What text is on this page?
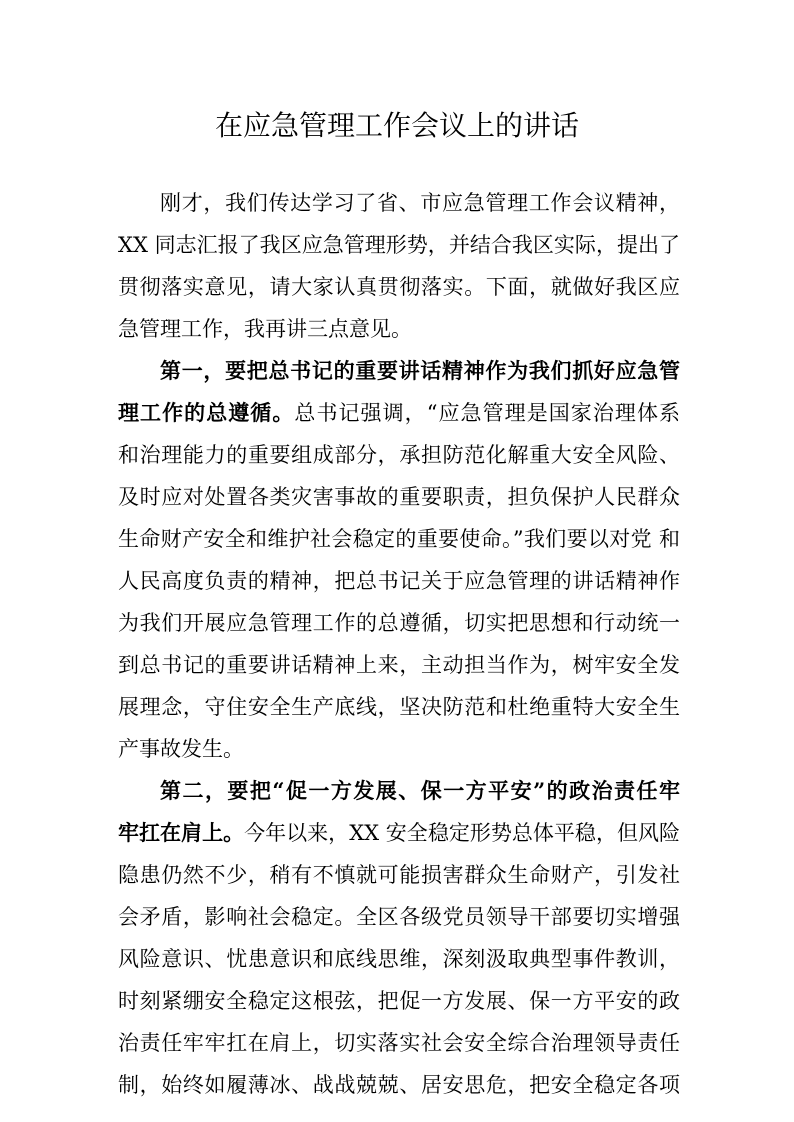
在应急管理工作会议上的讲话
刚才，我们传达学习了省、市应急管理工作会议精神，
XX 同志汇报了我区应急管理形势，并结合我区实际，提出了
贯彻落实意见，请大家认真贯彻落实。下面，就做好我区应
急管理工作，我再讲三点意见。
第一，要把总书记的重要讲话精神作为我们抓好应急管
理工作的总遵循。总书记强调，“应急管理是国家治理体系
和治理能力的重要组成部分，承担防范化解重大安全风险、
及时应对处置各类灾害事故的重要职责，担负保护人民群众
生命财产安全和维护社会稳定的重要使命。”我们要以对党 和
人民高度负责的精神，把总书记关于应急管理的讲话精神作
为我们开展应急管理工作的总遵循，切实把思想和行动统一
到总书记的重要讲话精神上来，主动担当作为，树牢安全发
展理念，守住安全生产底线，坚决防范和杜绝重特大安全生
产事故发生。
第二，要把“促一方发展、保一方平安”的政治责任牢
牢扛在肩上。今年以来，XX 安全稳定形势总体平稳，但风险
隐患仍然不少，稍有不慎就可能损害群众生命财产，引发社
会矛盾，影响社会稳定。全区各级党员领导干部要切实增强
风险意识、忧患意识和底线思维，深刻汲取典型事件教训，
时刻紧绷安全稳定这根弦，把促一方发展、保一方平安的政
治责任牢牢扛在肩上，切实落实社会安全综合治理领导责任
制，始终如履薄冰、战战兢兢、居安思危，把安全稳定各项
